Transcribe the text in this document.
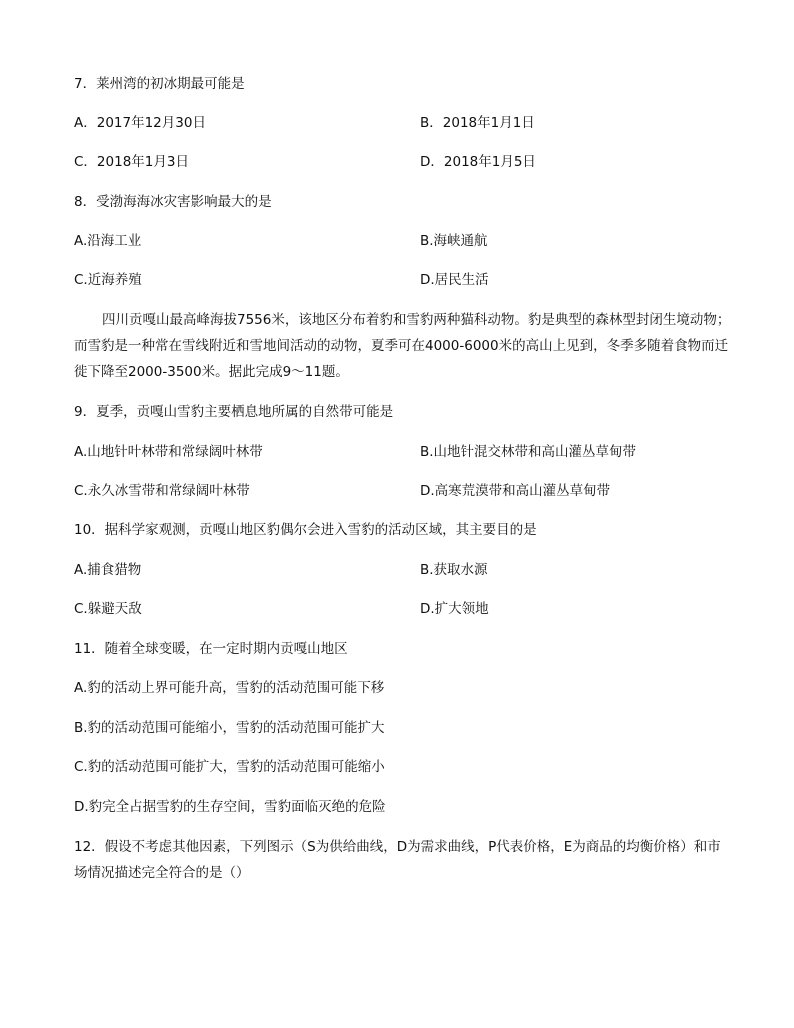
7．莱州湾的初冰期最可能是
A．2017年12月30日	B．2018年1月1日
C．2018年1月3日	D．2018年1月5日
8．受渤海海冰灾害影响最大的是
A.沿海工业	B.海峡通航
C.近海养殖	D.居民生活
四川贡嘎山最高峰海拔7556米，该地区分布着豹和雪豹两种猫科动物。豹是典型的森林型封闭生境动物；
而雪豹是一种常在雪线附近和雪地间活动的动物，夏季可在4000-6000米的高山上见到，冬季多随着食物而迁
徙下降至2000-3500米。据此完成9～11题。
9．夏季，贡嘎山雪豹主要栖息地所属的自然带可能是
A.山地针叶林带和常绿阔叶林带	B.山地针混交林带和高山灌丛草甸带
C.永久冰雪带和常绿阔叶林带	D.高寒荒漠带和高山灌丛草甸带
10．据科学家观测，贡嘎山地区豹偶尔会进入雪豹的活动区域，其主要目的是
A.捕食猎物	B.获取水源
C.躲避天敌	D.扩大领地
11．随着全球变暖，在一定时期内贡嘎山地区
A.豹的活动上界可能升高，雪豹的活动范围可能下移
B.豹的活动范围可能缩小，雪豹的活动范围可能扩大
C.豹的活动范围可能扩大，雪豹的活动范围可能缩小
D.豹完全占据雪豹的生存空间，雪豹面临灭绝的危险
12．假设不考虑其他因素，下列图示（S为供给曲线，D为需求曲线，P代表价格，E为商品的均衡价格）和市
场情况描述完全符合的是（）
